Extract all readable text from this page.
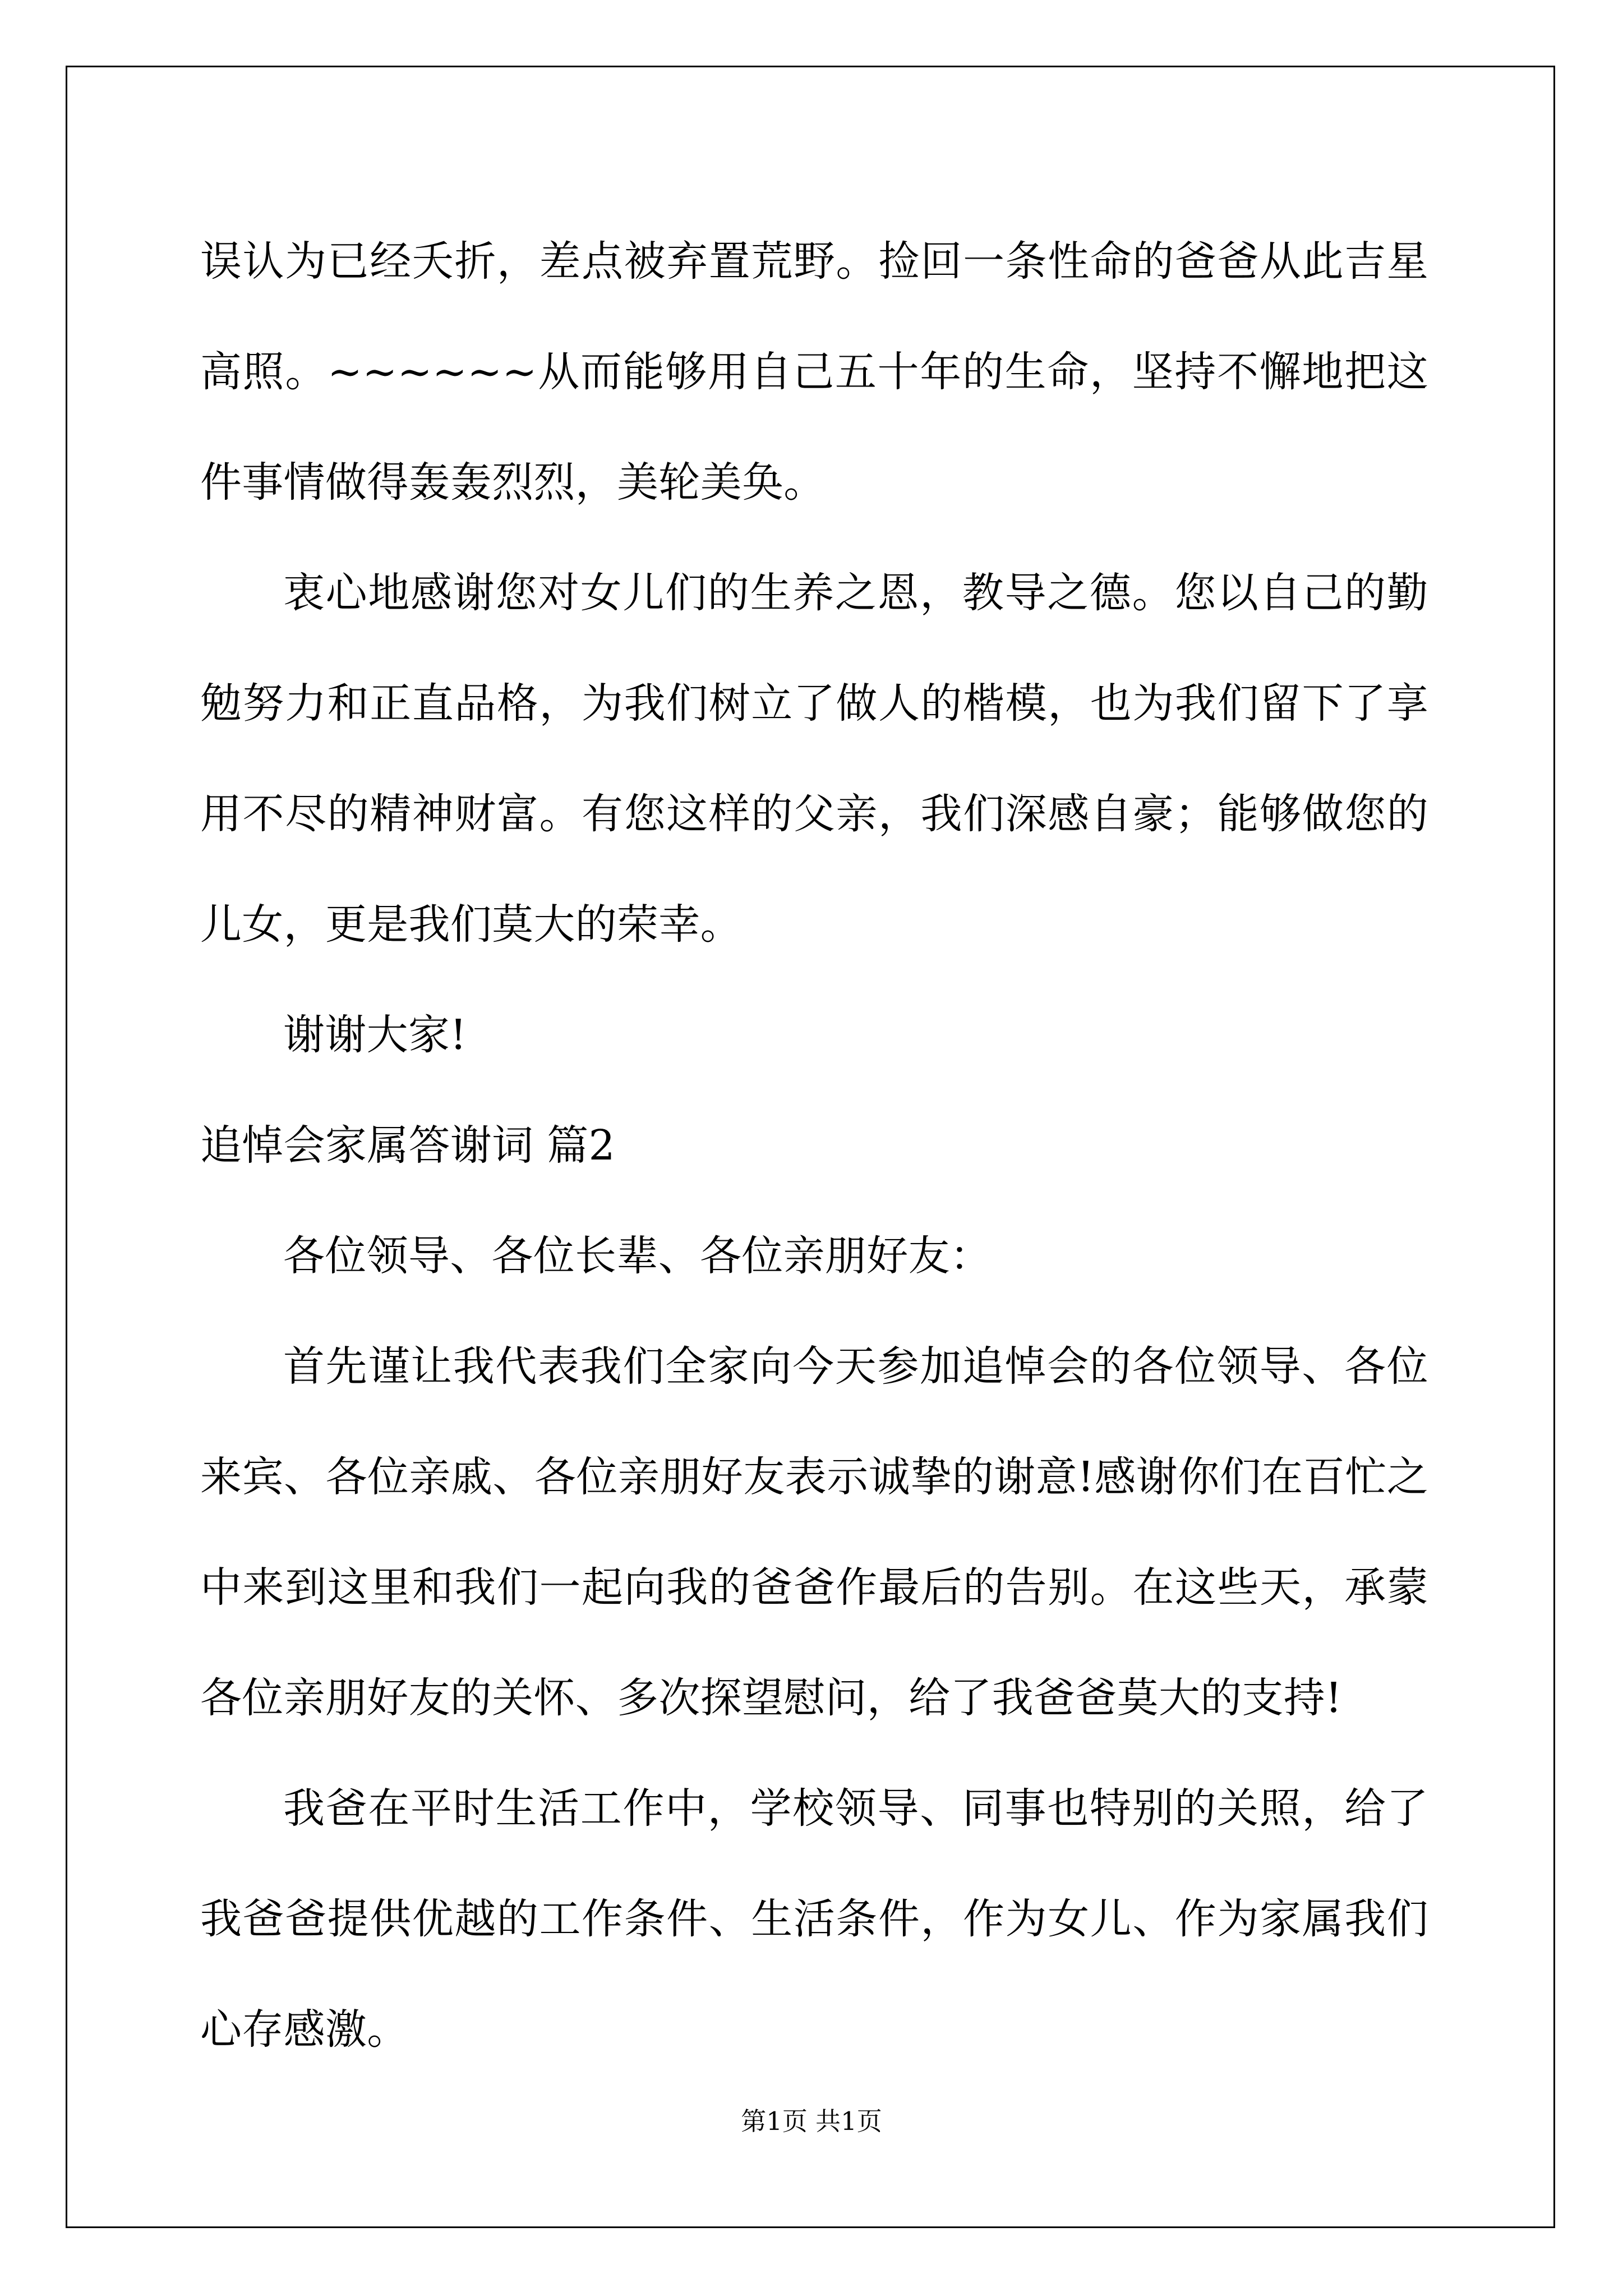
误认为已经夭折，差点被弃置荒野。捡回一条性命的爸爸从此吉星高照。~~~~~~从而能够用自己五十年的生命，坚持不懈地把这件事情做得轰轰烈烈，美轮美奂。

衷心地感谢您对女儿们的生养之恩，教导之德。您以自己的勤勉努力和正直品格，为我们树立了做人的楷模，也为我们留下了享用不尽的精神财富。有您这样的父亲，我们深感自豪；能够做您的儿女，更是我们莫大的荣幸。

谢谢大家!

追悼会家属答谢词 篇2

各位领导、各位长辈、各位亲朋好友：

首先谨让我代表我们全家向今天参加追悼会的各位领导、各位来宾、各位亲戚、各位亲朋好友表示诚挚的谢意!感谢你们在百忙之中来到这里和我们一起向我的爸爸作最后的告别。在这些天，承蒙各位亲朋好友的关怀、多次探望慰问，给了我爸爸莫大的支持!

我爸在平时生活工作中，学校领导、同事也特别的关照，给了我爸爸提供优越的工作条件、生活条件，作为女儿、作为家属我们心存感激。

第1页 共1页
